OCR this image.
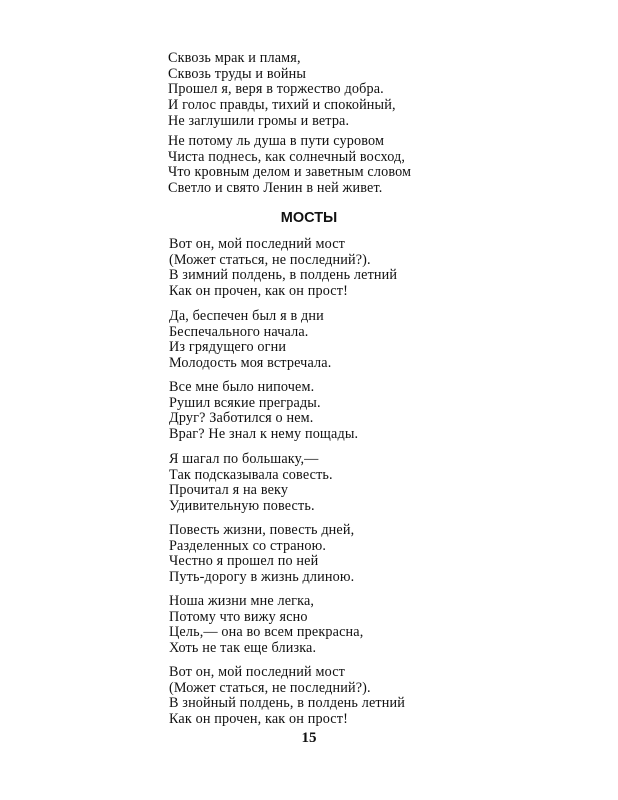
Сквозь мрак и пламя,
Сквозь труды и войны
Прошел я, веря в торжество добра.
И голос правды, тихий и спокойный,
Не заглушили громы и ветра.
Не потому ль душа в пути суровом
Чиста поднесь, как солнечный восход,
Что кровным делом и заветным словом
Светло и свято Ленин в ней живет.
МОСТЫ
Вот он, мой последний мост
(Может статься, не последний?).
В зимний полдень, в полдень летний
Как он прочен, как он прост!
Да, беспечен был я в дни
Беспечального начала.
Из грядущего огни
Молодость моя встречала.
Все мне было нипочем.
Рушил всякие преграды.
Друг? Заботился о нем.
Враг? Не знал к нему пощады.
Я шагал по большаку,—
Так подсказывала совесть.
Прочитал я на веку
Удивительную повесть.
Повесть жизни, повесть дней,
Разделенных со страною.
Честно я прошел по ней
Путь-дорогу в жизнь длиною.
Ноша жизни мне легка,
Потому что вижу ясно
Цель,— она во всем прекрасна,
Хоть не так еще близка.
Вот он, мой последний мост
(Может статься, не последний?).
В знойный полдень, в полдень летний
Как он прочен, как он прост!
15
